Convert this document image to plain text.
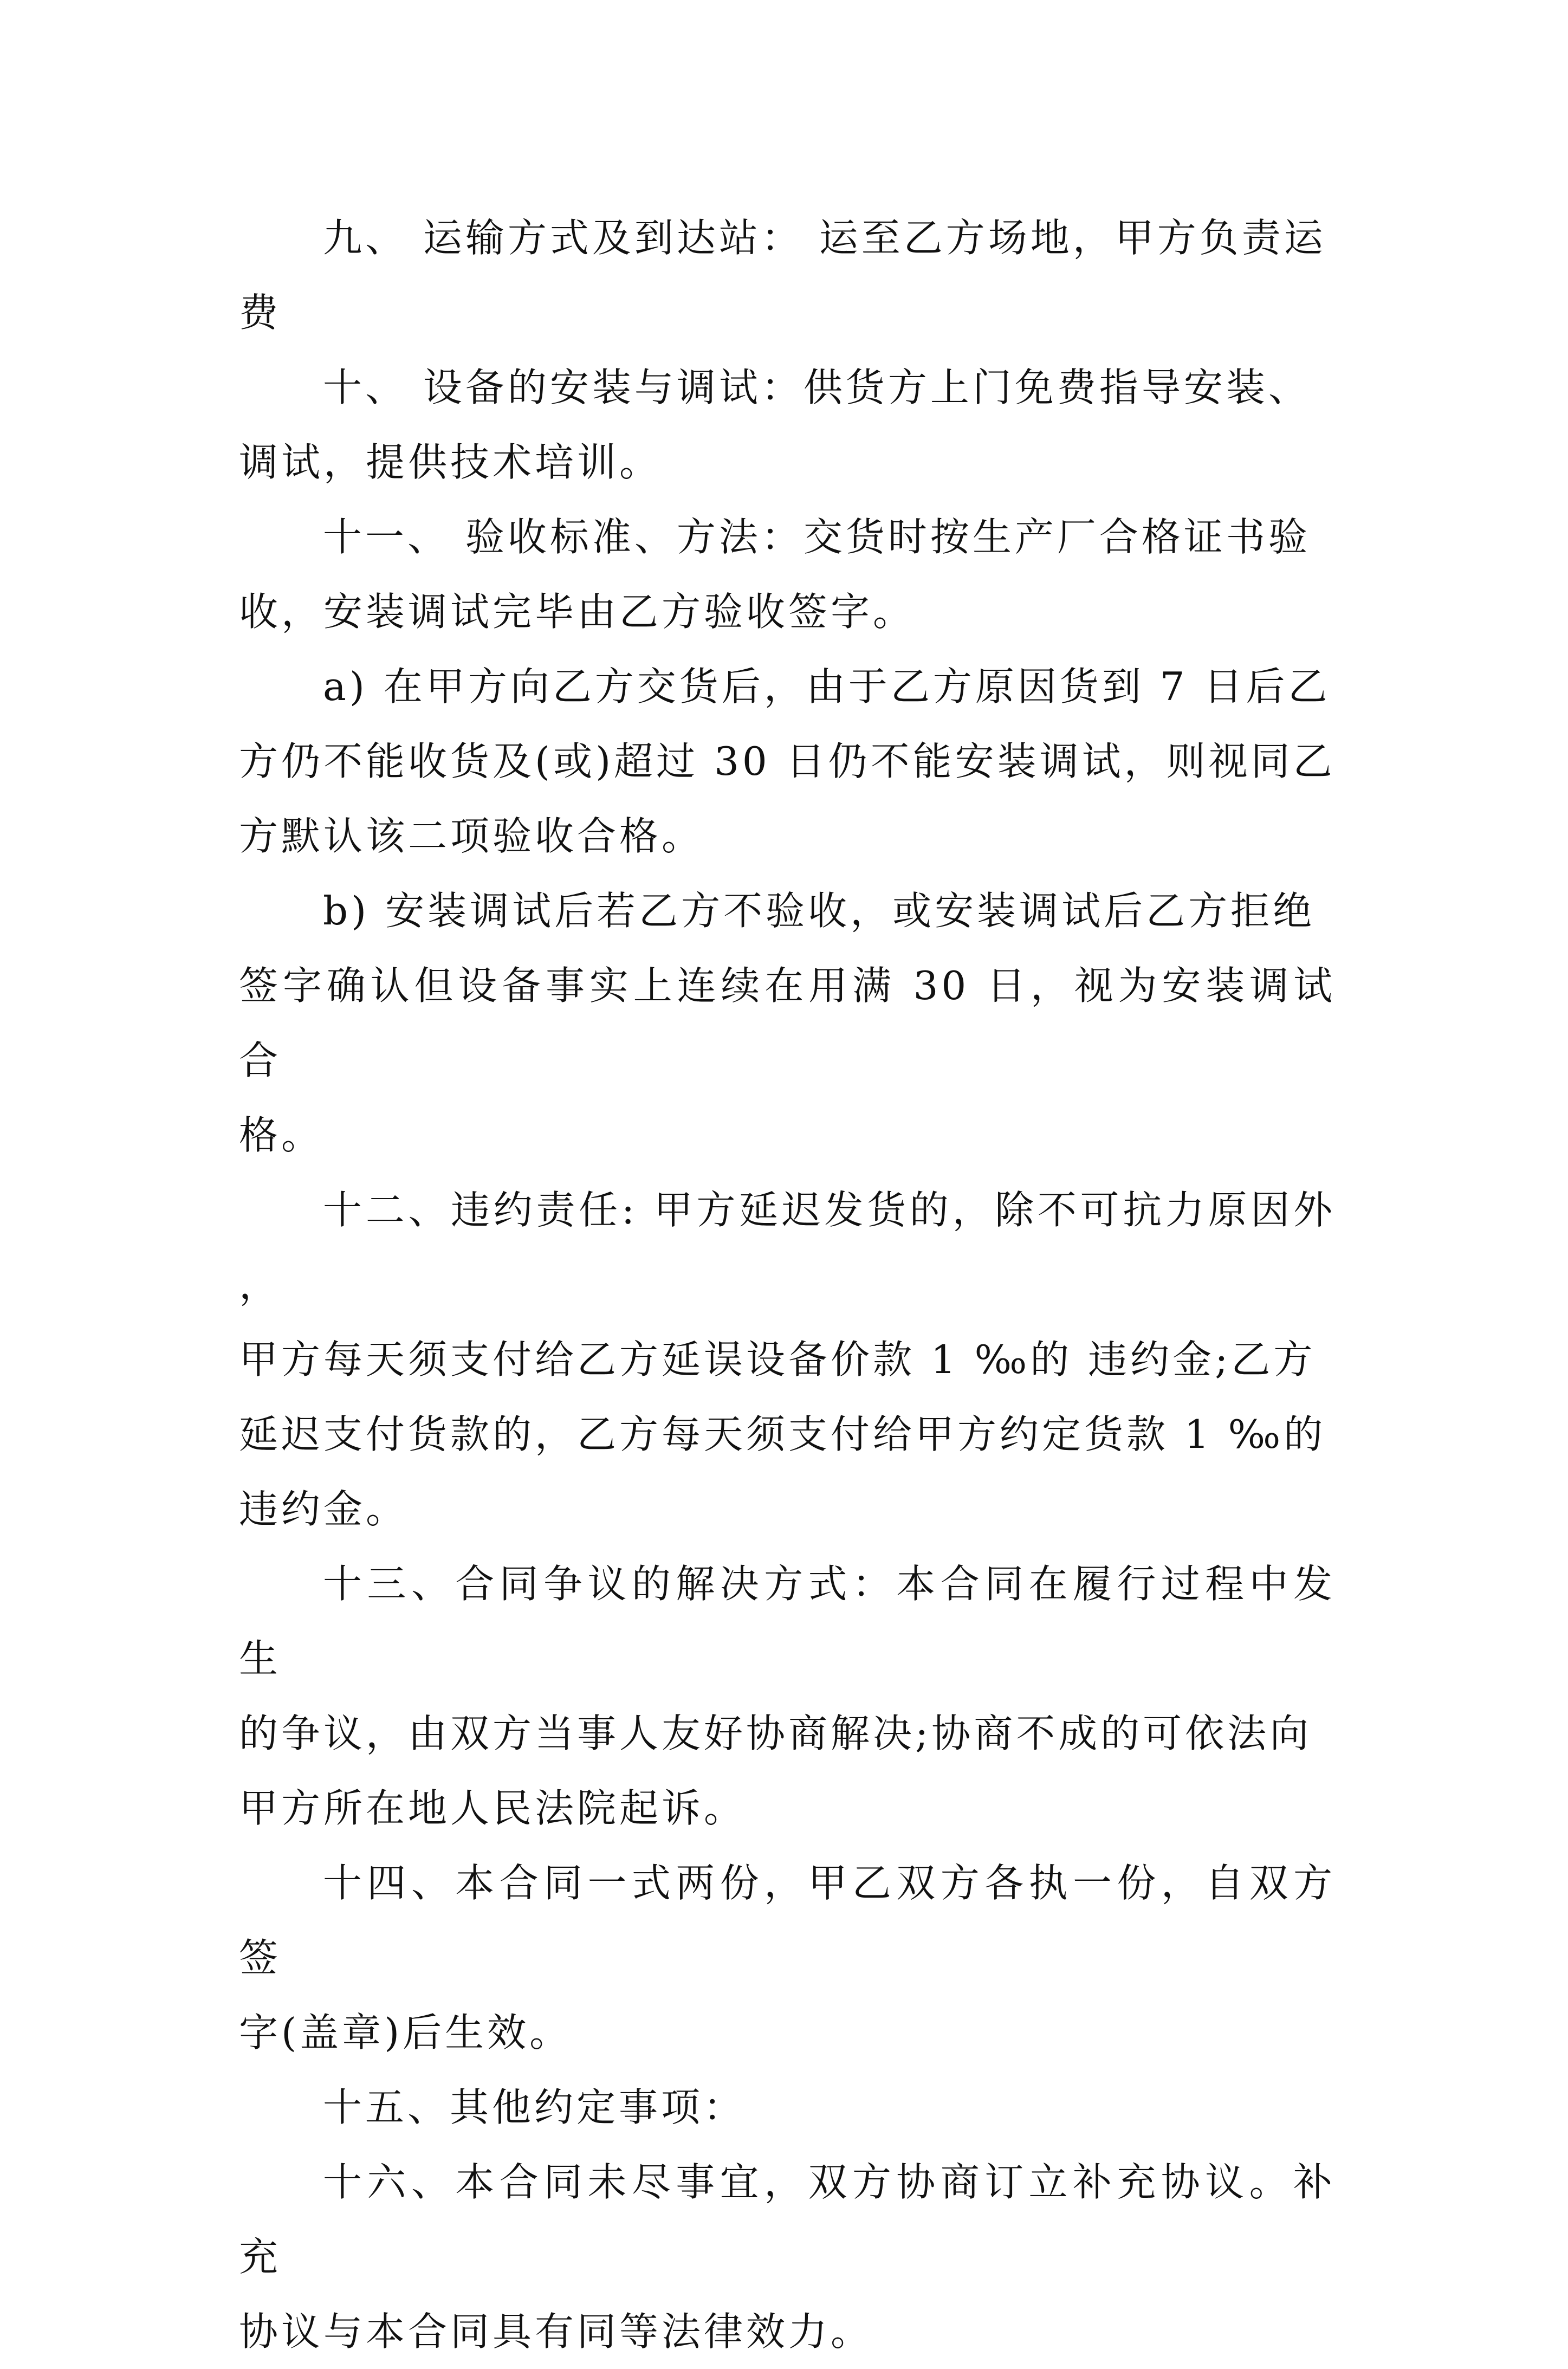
九、 运输方式及到达站： 运至乙方场地，甲方负责运
费

十、 设备的安装与调试：供货方上门免费指导安装、
调试，提供技术培训。

十一、 验收标准、方法：交货时按生产厂合格证书验
收，安装调试完毕由乙方验收签字。

a) 在甲方向乙方交货后，由于乙方原因货到 7 日后乙
方仍不能收货及(或)超过 30 日仍不能安装调试，则视同乙
方默认该二项验收合格。

b) 安装调试后若乙方不验收，或安装调试后乙方拒绝
签字确认但设备事实上连续在用满 30 日，视为安装调试合
格。

十二、违约责任: 甲方延迟发货的，除不可抗力原因外，
甲方每天须支付给乙方延误设备价款 1 ‰的 违约金;乙方
延迟支付货款的，乙方每天须支付给甲方约定货款 1 ‰的
违约金。

十三、合同争议的解决方式：本合同在履行过程中发生
的争议，由双方当事人友好协商解决;协商不成的可依法向
甲方所在地人民法院起诉。

十四、本合同一式两份，甲乙双方各执一份，自双方签
字(盖章)后生效。

十五、其他约定事项：

十六、本合同未尽事宜，双方协商订立补充协议。补充
协议与本合同具有同等法律效力。
